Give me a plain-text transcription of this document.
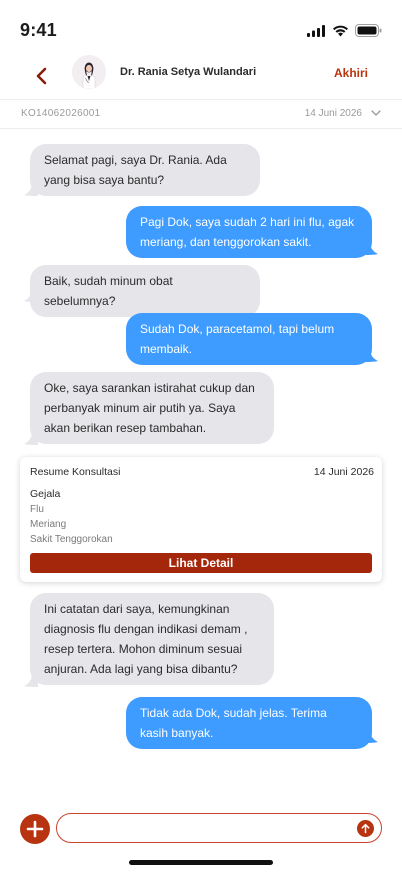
9:41
Dr. Rania Setya Wulandari	Akhiri
KO14062026001	14 Juni 2026
Selamat pagi, saya Dr. Rania. Ada yang bisa saya bantu?
Pagi Dok, saya sudah 2 hari ini flu, agak meriang, dan tenggorokan sakit.
Baik, sudah minum obat sebelumnya?
Sudah Dok, paracetamol, tapi belum membaik.
Oke, saya sarankan istirahat cukup dan perbanyak minum air putih ya. Saya akan berikan resep tambahan.
Resume Konsultasi	14 Juni 2026
Gejala
Flu
Meriang
Sakit Tenggorokan
Lihat Detail
Ini catatan dari saya, kemungkinan diagnosis flu dengan indikasi demam , resep tertera. Mohon diminum sesuai anjuran. Ada lagi yang bisa dibantu?
Tidak ada Dok, sudah jelas. Terima kasih banyak.
